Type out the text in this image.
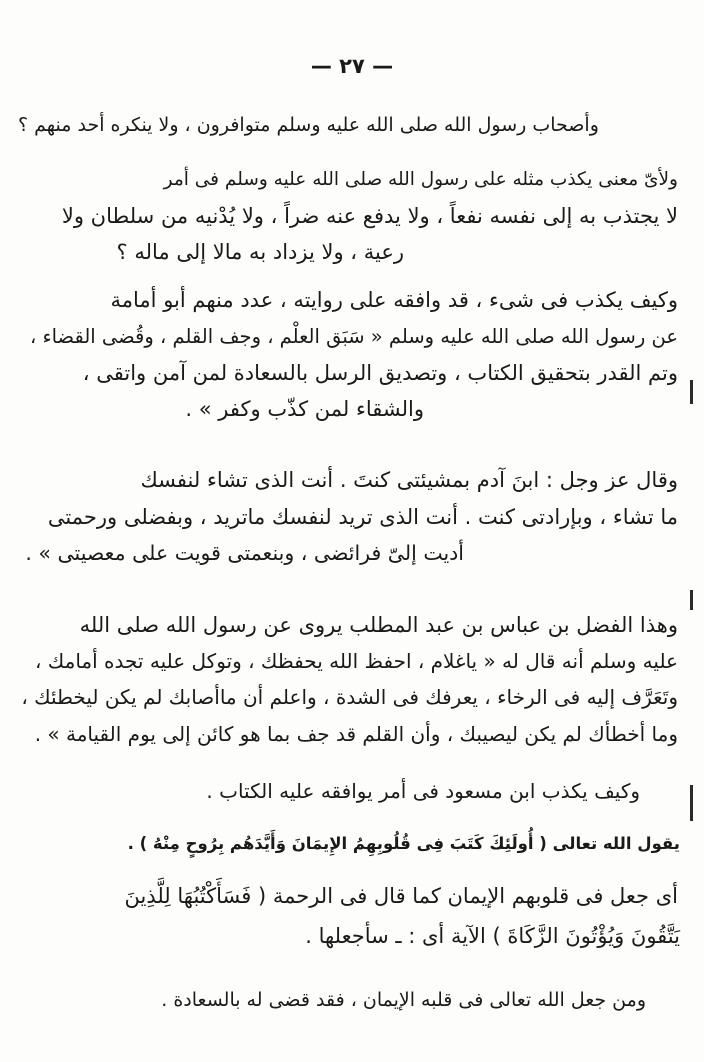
— ٢٧ —
وأصحاب رسول الله صلى الله عليه وسلم متوافرون ، ولا ينكره أحد منهم ؟
ولأىّ معنى يكذب مثله على رسول الله صلى الله عليه وسلم فى أمر
لا يجتذب به إلى نفسه نفعاً ، ولا يدفع عنه ضراً ، ولا يُدْنيه من سلطان ولا
رعية ، ولا يزداد به مالا إلى ماله ؟
وكيف يكذب فى شىء ، قد وافقه على روايته ، عدد منهم أبو أمامة
عن رسول الله صلى الله عليه وسلم « سَبَق العلْم ، وجف القلم ، وقُضى القضاء ،
وتم القدر بتحقيق الكتاب ، وتصديق الرسل بالسعادة لمن آمن واتقى ،
والشقاء لمن كذّب وكفر » .
وقال عز وجل : ابنَ آدم بمشيئتى كنتَ . أنت الذى تشاء لنفسك
ما تشاء ، وبإرادتى كنت . أنت الذى تريد لنفسك ماتريد ، وبفضلى ورحمتى
أديت إلىّ فرائضى ، وبنعمتى قويت على معصيتى » .
وهذا الفضل بن عباس بن عبد المطلب يروى عن رسول الله صلى الله
عليه وسلم أنه قال له « ياغلام ، احفظ الله يحفظك ، وتوكل عليه تجده أمامك ،
وتَعَرَّف إليه فى الرخاء ، يعرفك فى الشدة ، واعلم أن ماأصابك لم يكن ليخطئك ،
وما أخطأك لم يكن ليصيبك ، وأن القلم قد جف بما هو كائن إلى يوم القيامة » .
وكيف يكذب ابن مسعود فى أمر يوافقه عليه الكتاب .
يقول الله تعالى ( أُولَئِكَ كَتَبَ فِى قُلُوبِهِمُ الإِيمَانَ وَأَيَّدَهُم بِرُوحٍ مِنْهُ ) .
أى جعل فى قلوبهم الإيمان كما قال فى الرحمة ( فَسَأَكْتُبُهَا لِلَّذِينَ
يَتَّقُونَ وَيُؤْتُونَ الزَّكَاةَ ) الآية أى : ـ سأجعلها .
ومن جعل الله تعالى فى قلبه الإيمان ، فقد قضى له بالسعادة .
